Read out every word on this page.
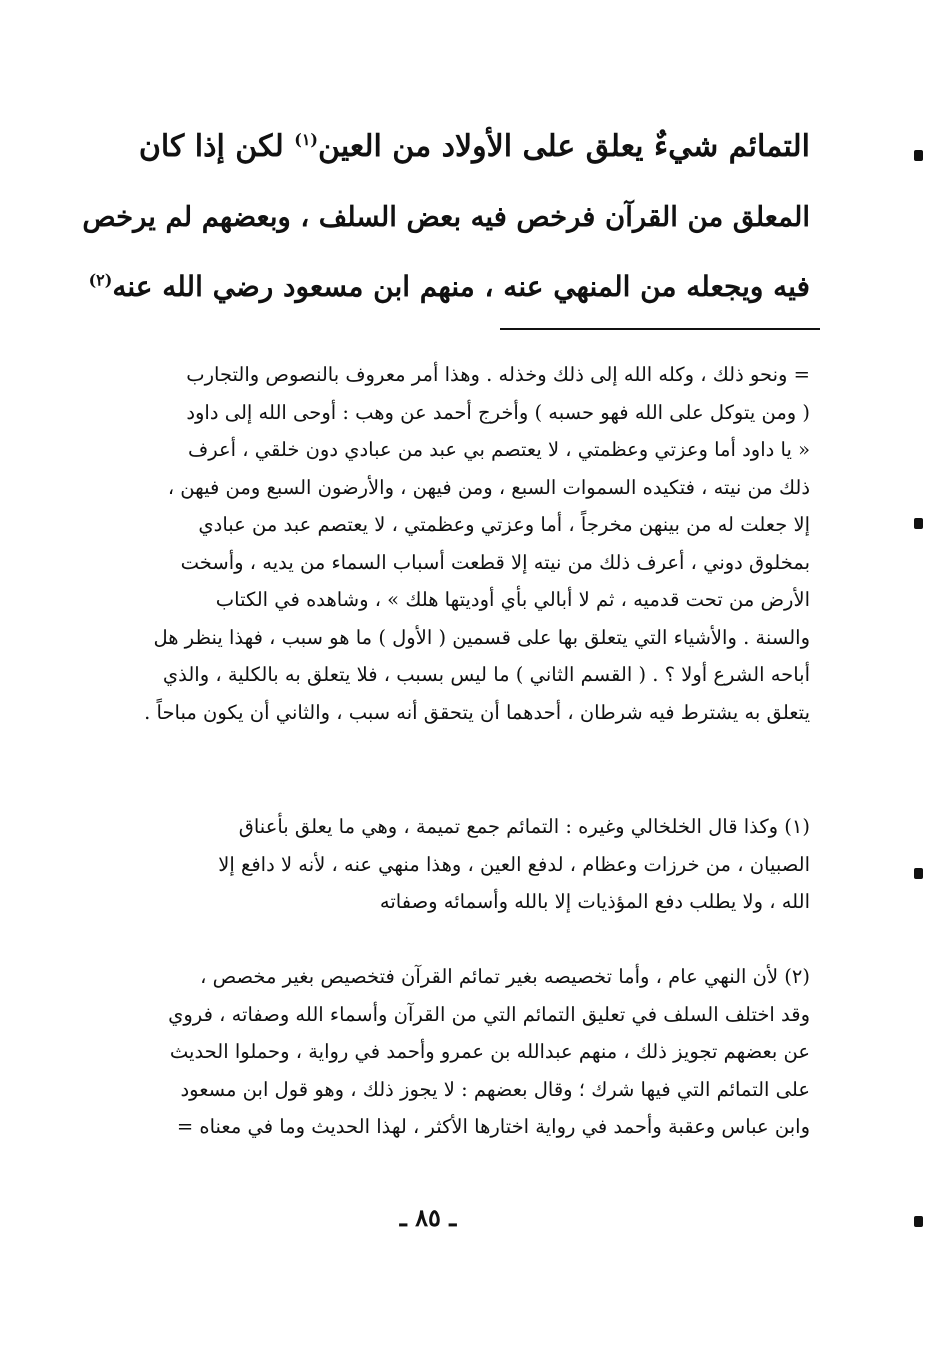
التمائم شيءٌ يعلق على الأولاد من العين$^{(١)}$ لكن إذا كان

المعلق من القرآن فرخص فيه بعض السلف ، وبعضهم لم يرخص

فيه ويجعله من المنهي عنه ، منهم ابن مسعود رضي الله عنه$^{(٢)}$

= ونحو ذلك ، وكله الله إلى ذلك وخذله . وهذا أمر معروف بالنصوص والتجارب

( ومن يتوكل على الله فهو حسبه ) وأخرج أحمد عن وهب : أوحى الله إلى داود

« يا داود أما وعزتي وعظمتي ، لا يعتصم بي عبد من عبادي دون خلقي ، أعرف

ذلك من نيته ، فتكيده السموات السبع ، ومن فيهن ، والأرضون السبع ومن فيهن ،

إلا جعلت له من بينهن مخرجاً ، أما وعزتي وعظمتي ، لا يعتصم عبد من عبادي

بمخلوق دوني ، أعرف ذلك من نيته إلا قطعت أسباب السماء من يديه ، وأسخت

الأرض من تحت قدميه ، ثم لا أبالي بأي أوديتها هلك » ، وشاهده في الكتاب

والسنة . والأشياء التي يتعلق بها على قسمين ( الأول ) ما هو سبب ، فهذا ينظر هل

أباحه الشرع أولا ؟ . ( القسم الثاني ) ما ليس بسبب ، فلا يتعلق به بالكلية ، والذي

يتعلق به يشترط فيه شرطان ، أحدهما أن يتحقق أنه سبب ، والثاني أن يكون مباحاً .

(١) وكذا قال الخلخالي وغيره : التمائم جمع تميمة ، وهي ما يعلق بأعناق

الصبيان ، من خرزات وعظام ، لدفع العين ، وهذا منهي عنه ، لأنه لا دافع إلا

الله ، ولا يطلب دفع المؤذيات إلا بالله وأسمائه وصفاته

(٢) لأن النهي عام ، وأما تخصيصه بغير تمائم القرآن فتخصيص بغير مخصص ،

وقد اختلف السلف في تعليق التمائم التي من القرآن وأسماء الله وصفاته ، فروي

عن بعضهم تجويز ذلك ، منهم عبدالله بن عمرو وأحمد في رواية ، وحملوا الحديث

على التمائم التي فيها شرك ؛ وقال بعضهم : لا يجوز ذلك ، وهو قول ابن مسعود

وابن عباس وعقبة وأحمد في رواية اختارها الأكثر ، لهذا الحديث وما في معناه =

ـ ٨٥ ـ
